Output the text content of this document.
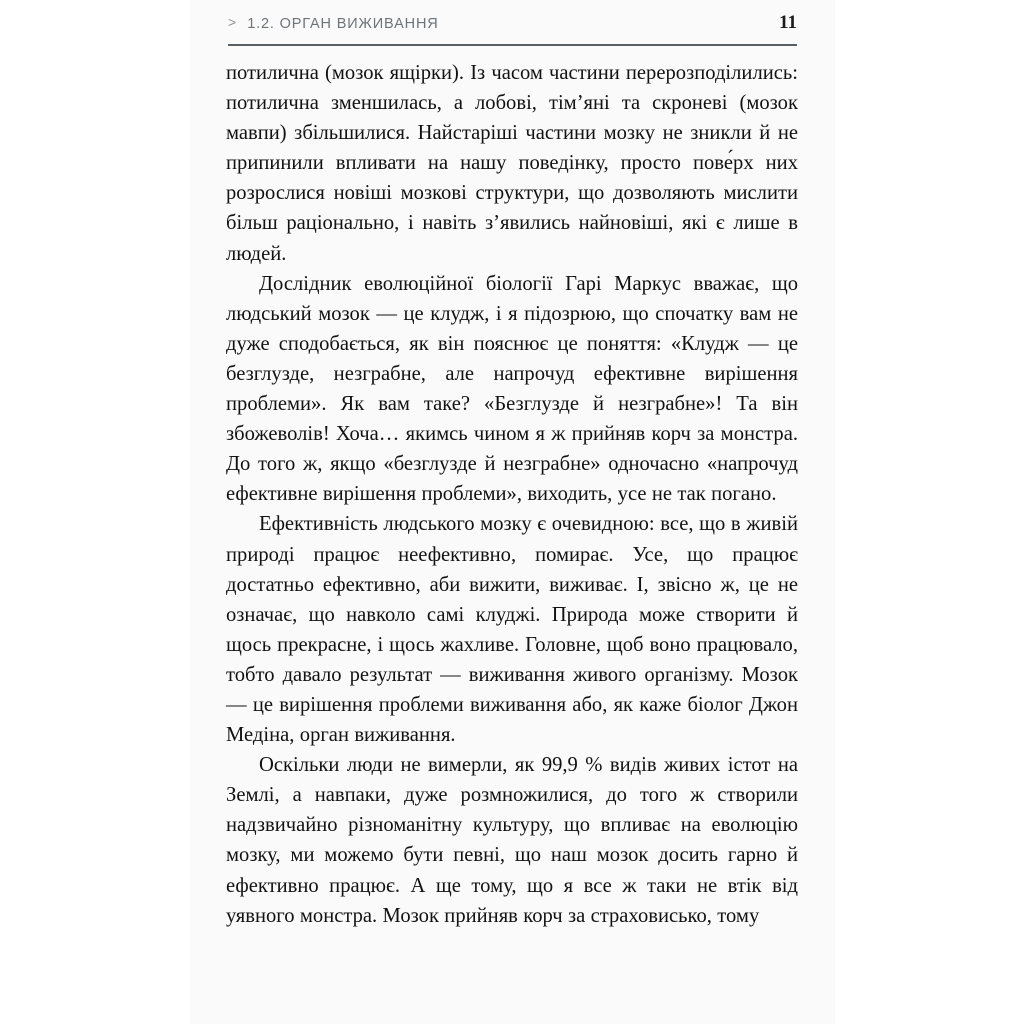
> 1.2. ОРГАН ВИЖИВАННЯ	11

потилична (мозок ящірки). Із часом частини перерозподілились: потилична зменшилась, а лобові, тім’яні та скроневі (мозок мавпи) збільшилися. Найстаріші частини мозку не зникли й не припинили впливати на нашу поведінку, просто пове́рх них розрослися новіші мозкові структури, що дозволяють мислити більш раціонально, і навіть з’явились найновіші, які є лише в людей.

Дослідник еволюційної біології Гарі Маркус вважає, що людський мозок — це клудж, і я підозрюю, що спочатку вам не дуже сподобається, як він пояснює це поняття: «Клудж — це безглузде, незграбне, але напрочуд ефективне вирішення проблеми». Як вам таке? «Безглузде й незграбне»! Та він збожеволів! Хоча… якимсь чином я ж прийняв корч за монстра. До того ж, якщо «безглузде й незграбне» одночасно «напрочуд ефективне вирішення проблеми», виходить, усе не так погано.

Ефективність людського мозку є очевидною: все, що в живій природі працює неефективно, помирає. Усе, що працює достатньо ефективно, аби вижити, виживає. І, звісно ж, це не означає, що навколо самі клуджі. Природа може створити й щось прекрасне, і щось жахливе. Головне, щоб воно працювало, тобто давало результат — виживання живого організму. Мозок — це вирішення проблеми виживання або, як каже біолог Джон Медіна, орган виживання.

Оскільки люди не вимерли, як 99,9 % видів живих істот на Землі, а навпаки, дуже розмножилися, до того ж створили надзвичайно різноманітну культуру, що впливає на еволюцію мозку, ми можемо бути певні, що наш мозок досить гарно й ефективно працює. А ще тому, що я все ж таки не втік від уявного монстра. Мозок прийняв корч за страховисько, тому
